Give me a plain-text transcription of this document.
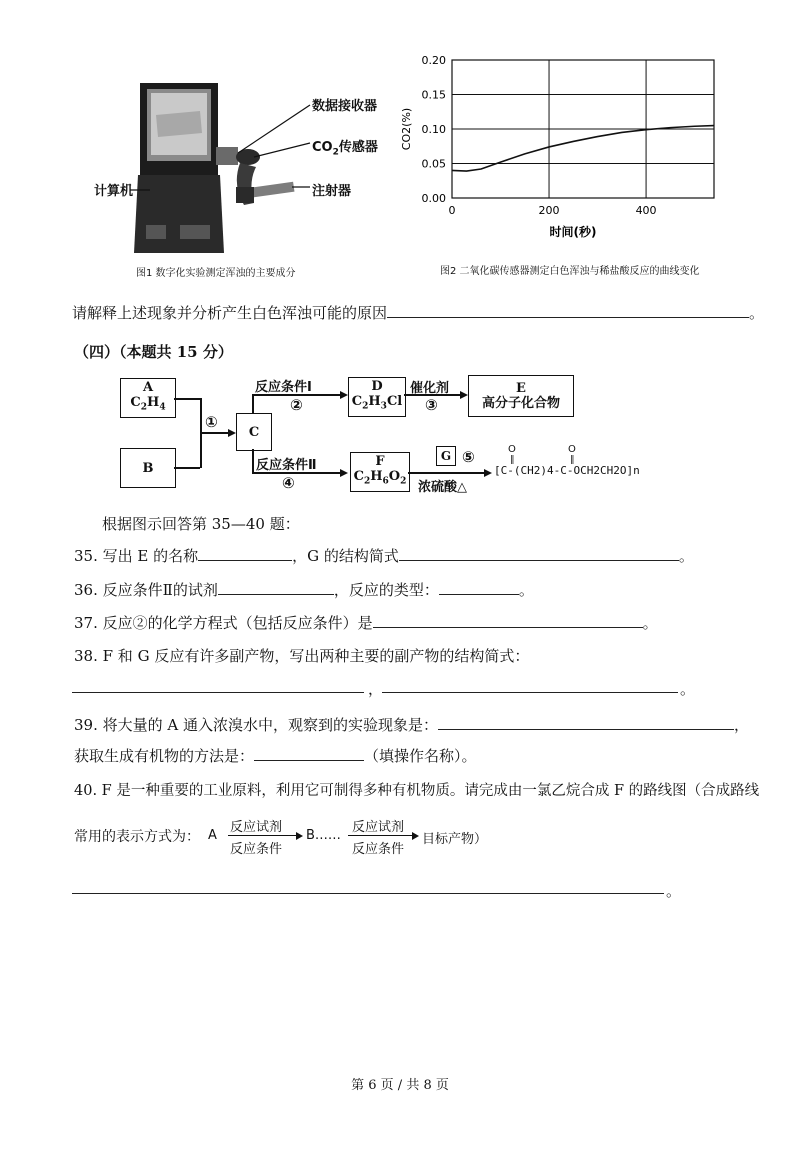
数据接收器
$CO_2$传感器
注射器
计算机
图1 数字化实验测定浑浊的主要成分
0.00
0.05
0.10
0.15
0.20
0	200	400
时间(秒)
CO2(%)
图2 二氧化碳传感器测定白色浑浊与稀盐酸反应的曲线变化
请解释上述现象并分析产生白色浑浊可能的原因	。
（四）（本题共 15 分）
A
$C_2H_4$
B
①
C
反应条件Ⅰ
②
D
$C_2H_3Cl$
催化剂
③
E
高分子化合物
反应条件Ⅱ
④
F
$C_2H_6O_2$
G ⑤
浓硫酸△
O
‖
O
‖
[C-(CH2)4-C-OCH2CH2O]n
根据图示回答第 35—40 题：
35. 写出 E 的名称	，G 的结构简式	。
36. 反应条件Ⅱ的试剂	，反应的类型：	。
37. 反应②的化学方程式（包括反应条件）是	。
38. F 和 G 反应有许多副产物，写出两种主要的副产物的结构简式：
，	。
39. 将大量的 A 通入浓溴水中，观察到的实验现象是：	，
获取生成有机物的方法是：	（填操作名称）。
40. F 是一种重要的工业原料，利用它可制得多种有机物质。请完成由一氯乙烷合成 F 的路线图（合成路线
常用的表示方式为： A
反应试剂
反应条件
B……
反应试剂
反应条件
目标产物）
。
第 6 页 / 共 8 页
